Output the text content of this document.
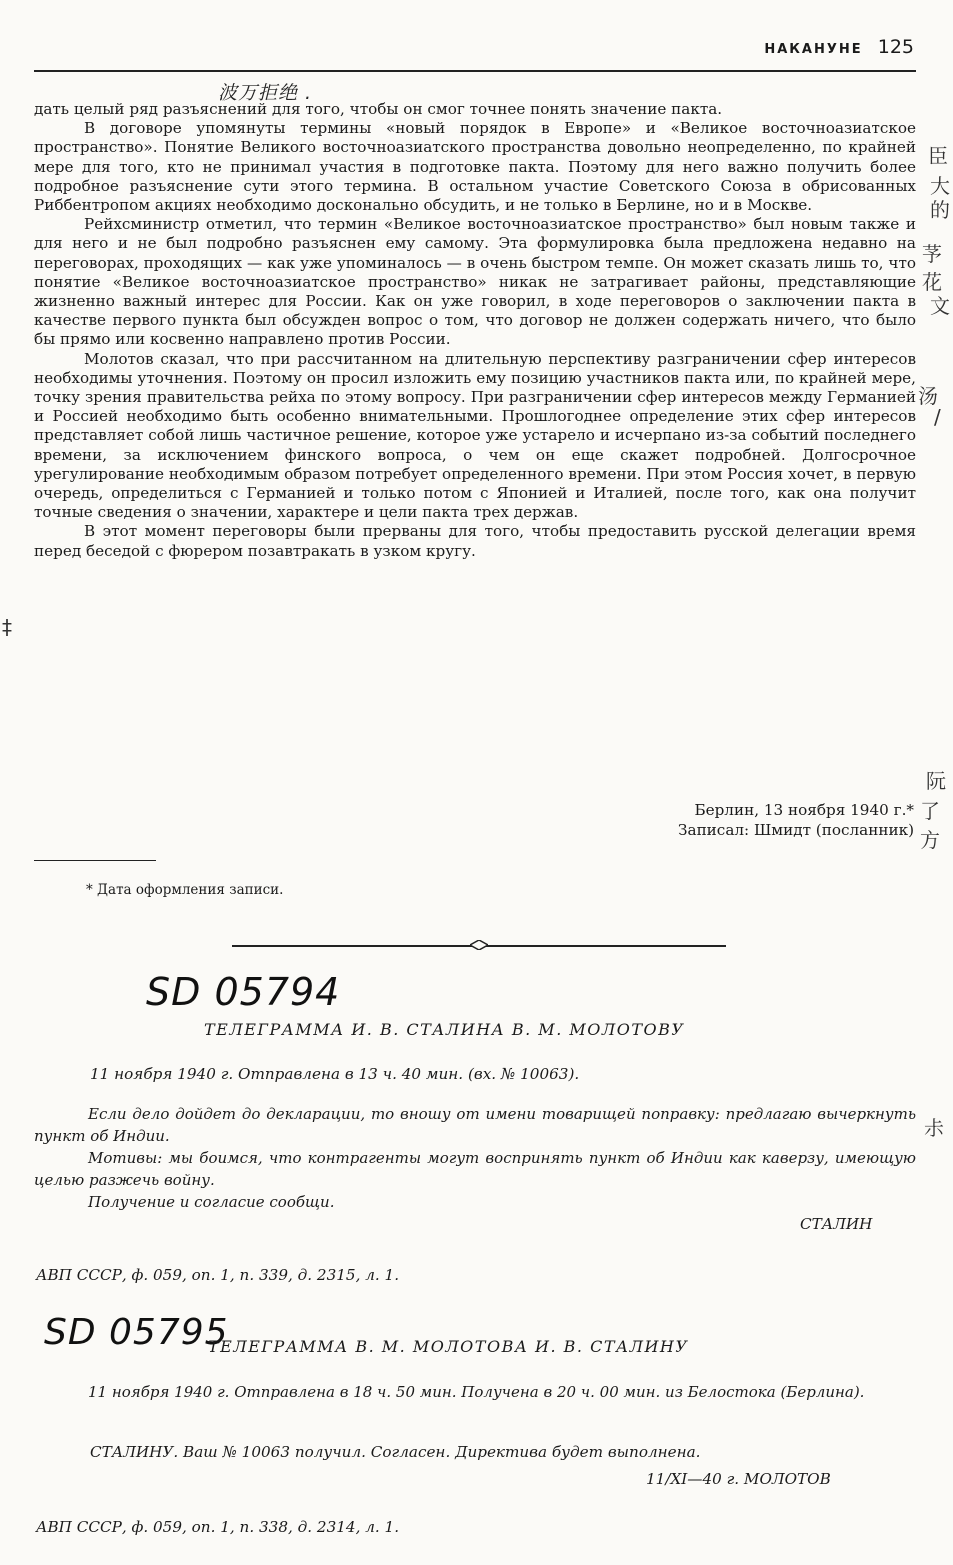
НАКАНУНЕ 125
波万拒绝 .
臣
大
的
芧
花
文
汤
/
阮
了方
尗
‡

дать целый ряд разъяснений для того, чтобы он смог точнее понять значение пакта.

В договоре упомянуты термины «новый порядок в Европе» и «Великое восточноазиатское пространство». Понятие Великого восточноазиатского пространства довольно неопределенно, по крайней мере для того, кто не принимал участия в подготовке пакта. Поэтому для него важно получить более подробное разъяснение сути этого термина. В остальном участие Советского Союза в обрисованных Риббентропом акциях необходимо досконально обсудить, и не только в Берлине, но и в Москве.

Рейхсминистр отметил, что термин «Великое восточноазиатское пространство» был новым также и для него и не был подробно разъяснен ему самому. Эта формулировка была предложена недавно на переговорах, проходящих — как уже упоминалось — в очень быстром темпе. Он может сказать лишь то, что понятие «Великое восточноазиатское пространство» никак не затрагивает районы, представляющие жизненно важный интерес для России. Как он уже говорил, в ходе переговоров о заключении пакта в качестве первого пункта был обсужден вопрос о том, что договор не должен содержать ничего, что было бы прямо или косвенно направлено против России.

Молотов сказал, что при рассчитанном на длительную перспективу разграничении сфер интересов необходимы уточнения. Поэтому он просил изложить ему позицию участников пакта или, по крайней мере, точку зрения правительства рейха по этому вопросу. При разграничении сфер интересов между Германией и Россией необходимо быть особенно внимательными. Прошлогоднее определение этих сфер интересов представляет собой лишь частичное решение, которое уже устарело и исчерпано из-за событий последнего времени, за исключением финского вопроса, о чем он еще скажет подробней. Долгосрочное урегулирование необходимым образом потребует определенного времени. При этом Россия хочет, в первую очередь, определиться с Германией и только потом с Японией и Италией, после того, как она получит точные сведения о значении, характере и цели пакта трех держав.

В этот момент переговоры были прерваны для того, чтобы предоставить русской делегации время перед беседой с фюрером позавтракать в узком кругу.

Берлин, 13 ноября 1940 г.*
Записал: Шмидт (посланник)
* Дата оформления записи.
SD 05794
ТЕЛЕГРАММА И. В. СТАЛИНА В. М. МОЛОТОВУ
11 ноября 1940 г. Отправлена в 13 ч. 40 мин. (вх. № 10063).

Если дело дойдет до декларации, то вношу от имени товарищей поправку: предлагаю вычеркнуть пункт об Индии.

Мотивы: мы боимся, что контрагенты могут воспринять пункт об Индии как каверзу, имеющую целью разжечь войну.

Получение и согласие сообщи.

СТАЛИН
АВП СССР, ф. 059, оп. 1, п. 339, д. 2315, л. 1.
SD 05795
ТЕЛЕГРАММА В. М. МОЛОТОВА И. В. СТАЛИНУ
11 ноября 1940 г. Отправлена в 18 ч. 50 мин. Получена в 20 ч. 00 мин. из Белостока (Берлина).
СТАЛИНУ. Ваш № 10063 получил. Согласен. Директива будет выполнена.
11/XI—40 г. МОЛОТОВ
АВП СССР, ф. 059, оп. 1, п. 338, д. 2314, л. 1.
